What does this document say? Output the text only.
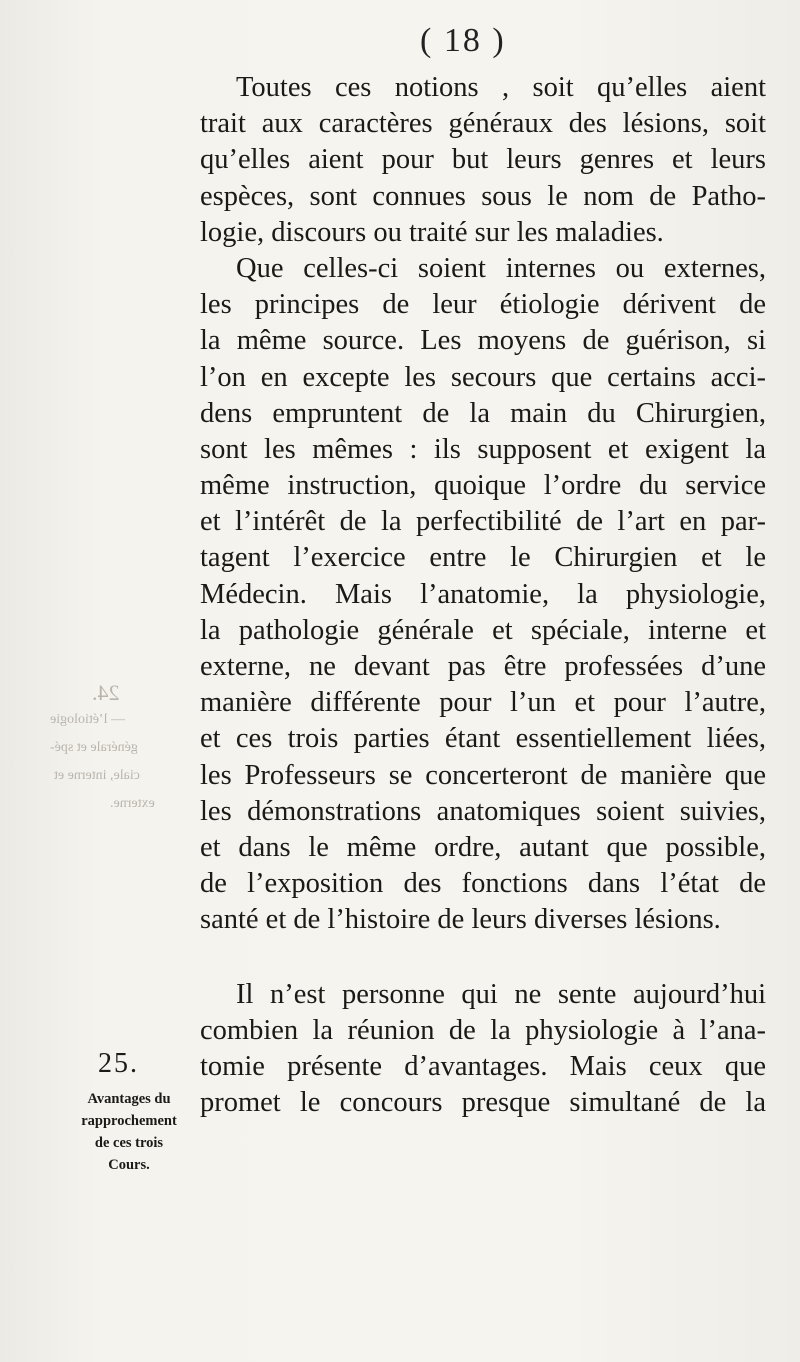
( 18 )
24.
— l’étiologie
générale et spé-
ciale, interne et
externe.
Toutes ces notions , soit qu’elles aient
trait aux caractères généraux des lésions, soit
qu’elles aient pour but leurs genres et leurs
espèces, sont connues sous le nom de Patho-
logie, discours ou traité sur les maladies.
Que celles-ci soient internes ou externes,
les principes de leur étiologie dérivent de
la même source. Les moyens de guérison, si
l’on en excepte les secours que certains acci-
dens empruntent de la main du Chirurgien,
sont les mêmes : ils supposent et exigent la
même instruction, quoique l’ordre du service
et l’intérêt de la perfectibilité de l’art en par-
tagent l’exercice entre le Chirurgien et le
Médecin. Mais l’anatomie, la physiologie,
la pathologie générale et spéciale, interne et
externe, ne devant pas être professées d’une
manière différente pour l’un et pour l’autre,
et ces trois parties étant essentiellement liées,
les Professeurs se concerteront de manière que
les démonstrations anatomiques soient suivies,
et dans le même ordre, autant que possible,
de l’exposition des fonctions dans l’état de
santé et de l’histoire de leurs diverses lésions.
Il n’est personne qui ne sente aujourd’hui
combien la réunion de la physiologie à l’ana-
tomie présente d’avantages. Mais ceux que
promet le concours presque simultané de la
25.
Avantages du
rapprochement
de ces trois
Cours.
